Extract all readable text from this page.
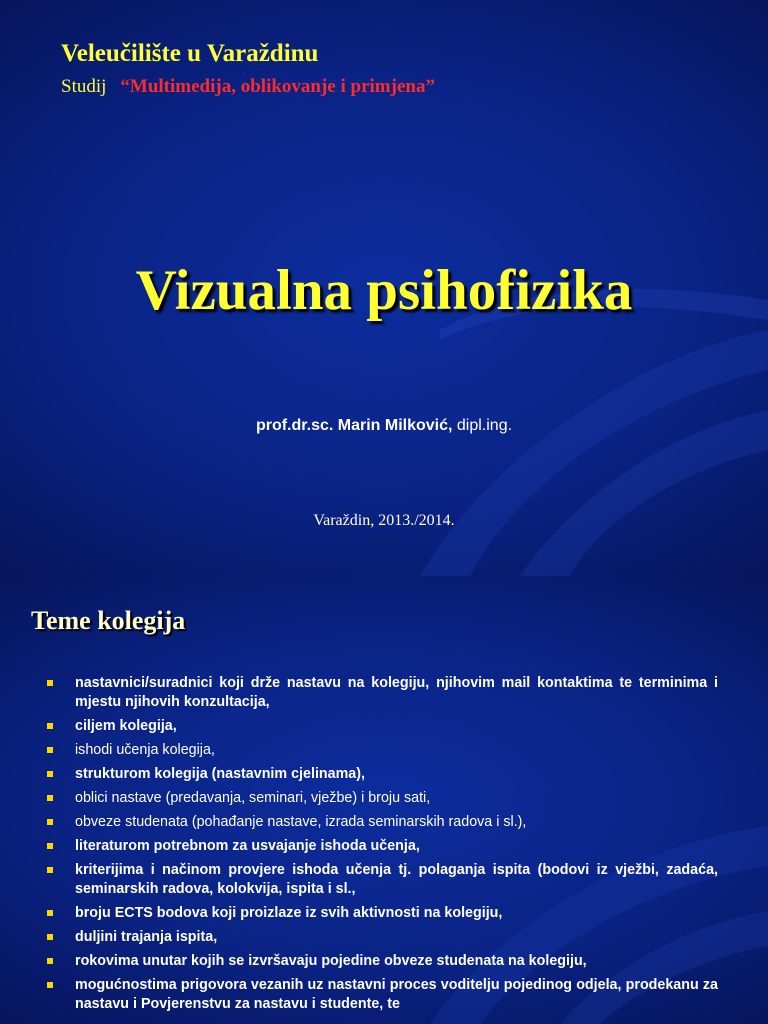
Veleučilište u Varaždinu
Studij “Multimedija, oblikovanje i primjena”
Vizualna psihofizika
prof.dr.sc. Marin Milković, dipl.ing.
Varaždin, 2013./2014.
Teme kolegija
nastavnici/suradnici koji drže nastavu na kolegiju, njihovim mail kontaktima te terminima i mjestu njihovih konzultacija,
ciljem kolegija,
ishodi učenja kolegija,
strukturom kolegija (nastavnim cjelinama),
oblici nastave (predavanja, seminari, vježbe) i broju sati,
obveze studenata (pohađanje nastave, izrada seminarskih radova i sl.),
literaturom potrebnom za usvajanje ishoda učenja,
kriterijima i načinom provjere ishoda učenja tj. polaganja ispita (bodovi iz vježbi, zadaća, seminarskih radova, kolokvija, ispita i sl.,
broju ECTS bodova koji proizlaze iz svih aktivnosti na kolegiju,
duljini trajanja ispita,
rokovima unutar kojih se izvršavaju pojedine obveze studenata na kolegiju,
mogućnostima prigovora vezanih uz nastavni proces voditelju pojedinog odjela, prodekanu za nastavu i Povjerenstvu za nastavu i studente, te
